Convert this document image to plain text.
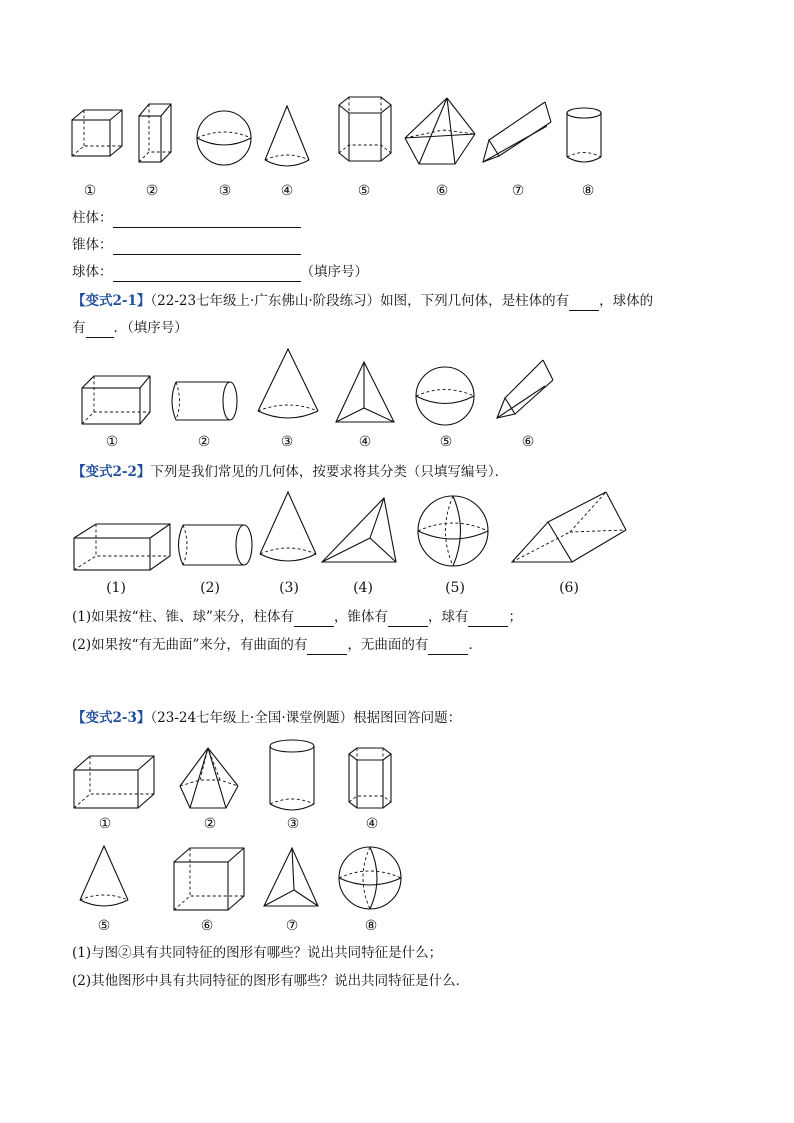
①	②	③	④	⑤	⑥	⑦	⑧
柱体：
锥体：
球体：	（填序号）
【变式2-1】（22-23七年级上·广东佛山·阶段练习）如图，下列几何体，是柱体的有 ，球体的
有 ．（填序号）
①	②	③	④	⑤	⑥
【变式2-2】下列是我们常见的几何体，按要求将其分类（只填写编号）．
(1)	(2)	(3)	(4)	(5)	(6)
(1)如果按“柱、锥、球”来分，柱体有	，锥体有	，球有	；
(2)如果按“有无曲面”来分，有曲面的有	，无曲面的有	．
【变式2-3】（23-24七年级上·全国·课堂例题）根据图回答问题：
①	②	③	④
⑤	⑥	⑦	⑧
(1)与图②具有共同特征的图形有哪些？说出共同特征是什么；
(2)其他图形中具有共同特征的图形有哪些？说出共同特征是什么．
